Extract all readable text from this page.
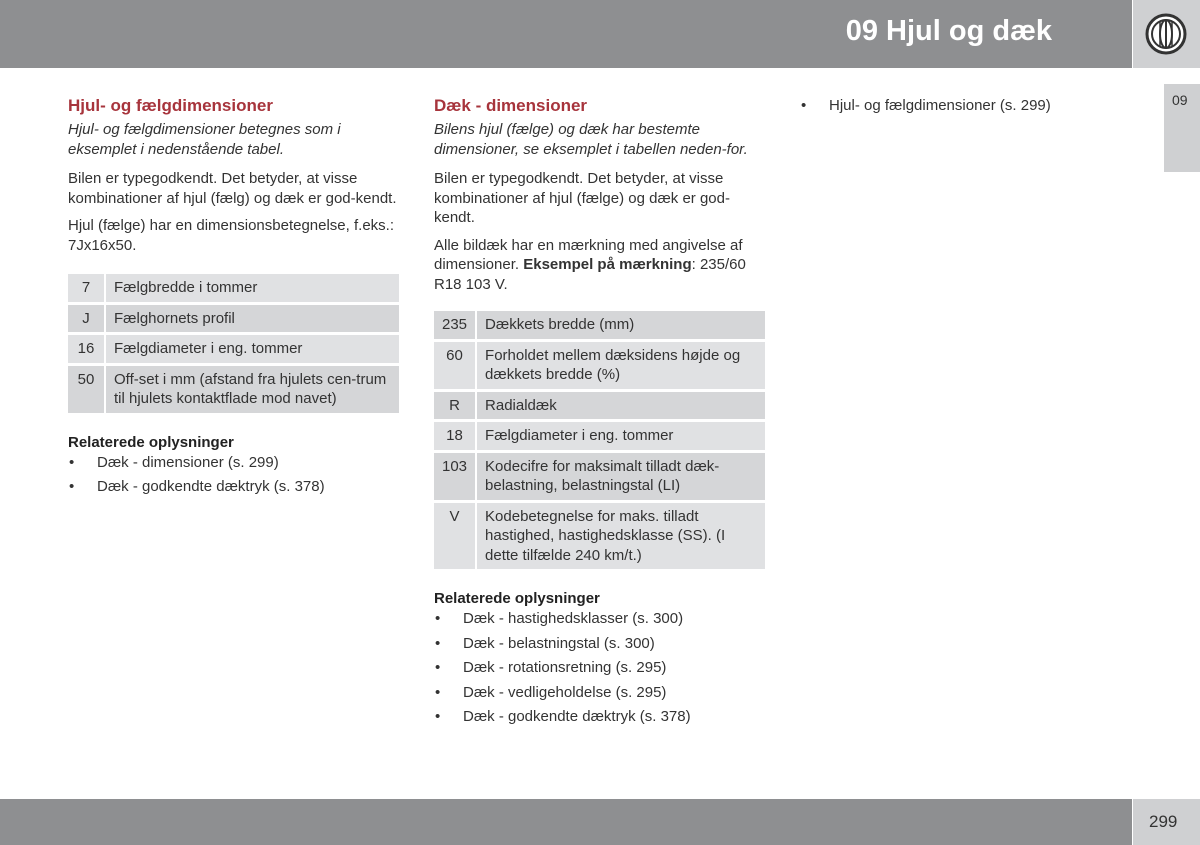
09 Hjul og dæk
09
Hjul- og fælgdimensioner
Hjul- og fælgdimensioner betegnes som i eksemplet i nedenstående tabel.

Bilen er typegodkendt. Det betyder, at visse kombinationer af hjul (fælg) og dæk er god-kendt.

Hjul (fælge) har en dimensionsbetegnelse, f.eks.: 7Jx16x50.

7	Fælgbredde i tommer
J	Fælghornets profil
16	Fælgdiameter i eng. tommer
50	Off-set i mm (afstand fra hjulets cen-trum til hjulets kontaktflade mod navet)
Relaterede oplysninger
• Dæk - dimensioner (s. 299)
• Dæk - godkendte dæktryk (s. 378)
Dæk - dimensioner
Bilens hjul (fælge) og dæk har bestemte dimensioner, se eksemplet i tabellen neden-for.

Bilen er typegodkendt. Det betyder, at visse kombinationer af hjul (fælge) og dæk er god-kendt.

Alle bildæk har en mærkning med angivelse af dimensioner. Eksempel på mærkning: 235/60 R18 103 V.

235	Dækkets bredde (mm)
60	Forholdet mellem dæksidens højde og dækkets bredde (%)
R	Radialdæk
18	Fælgdiameter i eng. tommer
103	Kodecifre for maksimalt tilladt dæk-belastning, belastningstal (LI)
V	Kodebetegnelse for maks. tilladt hastighed, hastighedsklasse (SS). (I dette tilfælde 240 km/t.)
Relaterede oplysninger
• Dæk - hastighedsklasser (s. 300)
• Dæk - belastningstal (s. 300)
• Dæk - rotationsretning (s. 295)
• Dæk - vedligeholdelse (s. 295)
• Dæk - godkendte dæktryk (s. 378)
• Hjul- og fælgdimensioner (s. 299)
299
